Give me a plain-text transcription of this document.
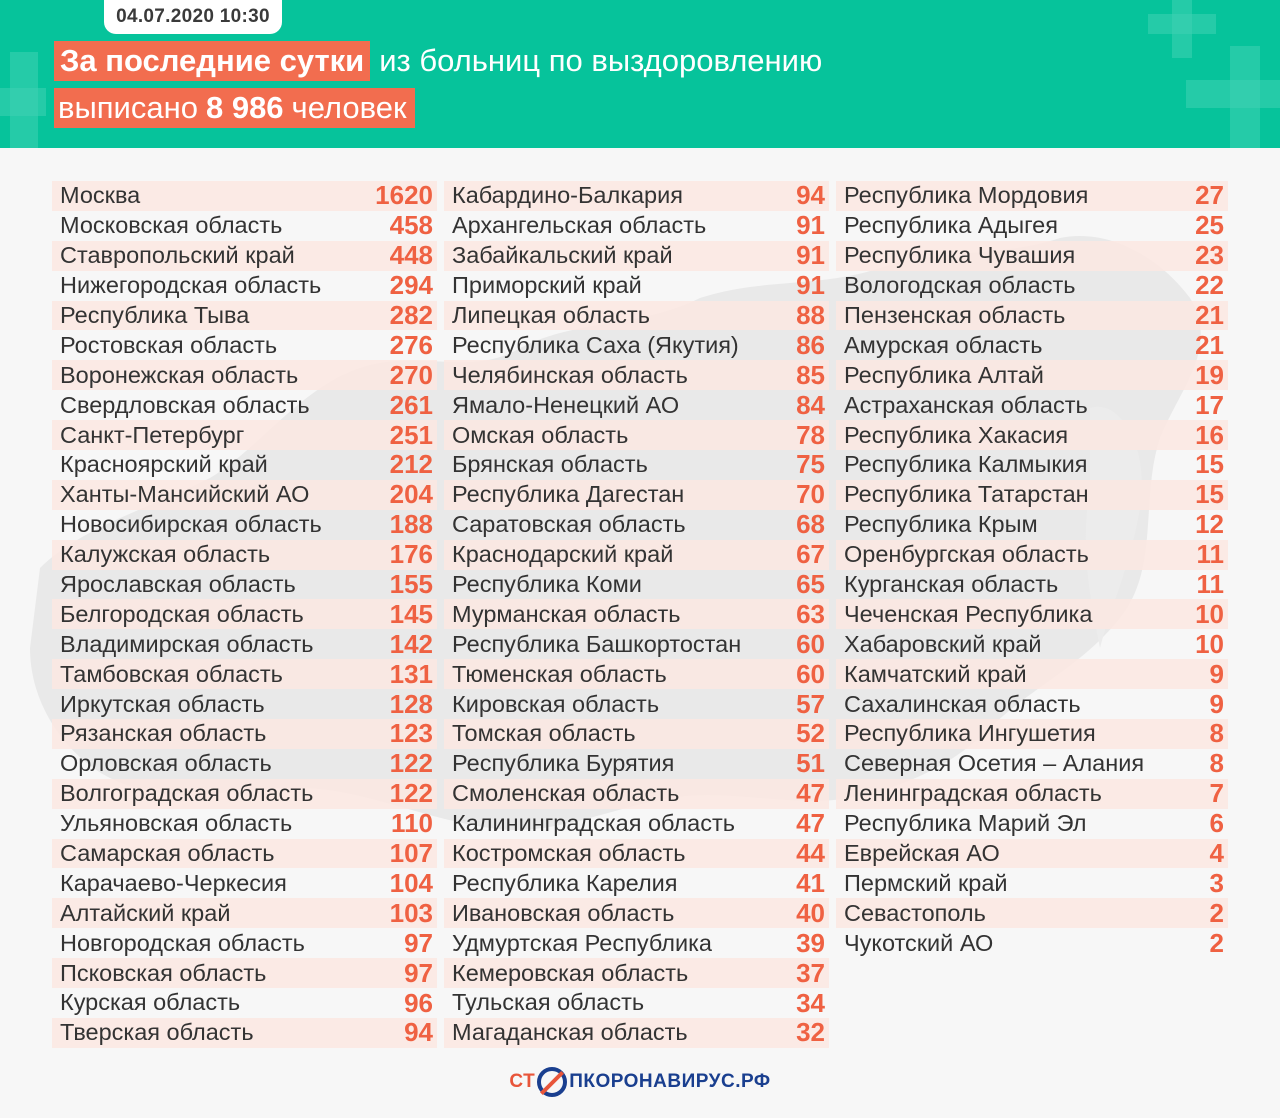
04.07.2020 10:30
За последние сутки из больниц по выздоровлению
выписано 8 986 человек
Москва	1620
Московская область	458
Ставропольский край	448
Нижегородская область	294
Республика Тыва	282
Ростовская область	276
Воронежская область	270
Свердловская область	261
Санкт-Петербург	251
Красноярский край	212
Ханты-Мансийский АО	204
Новосибирская область	188
Калужская область	176
Ярославская область	155
Белгородская область	145
Владимирская область	142
Тамбовская область	131
Иркутская область	128
Рязанская область	123
Орловская область	122
Волгоградская область	122
Ульяновская область	110
Самарская область	107
Карачаево-Черкесия	104
Алтайский край	103
Новгородская область	97
Псковская область	97
Курская область	96
Тверская область	94
Кабардино-Балкария	94
Архангельская область	91
Забайкальский край	91
Приморский край	91
Липецкая область	88
Республика Саха (Якутия) 86
Челябинская область	85
Ямало-Ненецкий АО	84
Омская область	78
Брянская область	75
Республика Дагестан	70
Саратовская область	68
Краснодарский край	67
Республика Коми	65
Мурманская область	63
Республика Башкортостан 60
Тюменская область	60
Кировская область	57
Томская область	52
Республика Бурятия	51
Смоленская область	47
Калининградская область 47
Костромская область	44
Республика Карелия	41
Ивановская область	40
Удмуртская Республика	39
Кемеровская область	37
Тульская область	34
Магаданская область	32
Республика Мордовия	27
Республика Адыгея	25
Республика Чувашия	23
Вологодская область	22
Пензенская область	21
Амурская область	21
Республика Алтай	19
Астраханская область	17
Республика Хакасия	16
Республика Калмыкия	15
Республика Татарстан	15
Республика Крым	12
Оренбургская область	11
Курганская область	11
Чеченская Республика	10
Хабаровский край	10
Камчатский край	9
Сахалинская область	9
Республика Ингушетия	8
Северная Осетия – Алания	8
Ленинградская область	7
Республика Марий Эл	6
Еврейская АО	4
Пермский край	3
Севастополь	2
Чукотский АО	2
СТ ПКОРОНАВИРУС.РФ
